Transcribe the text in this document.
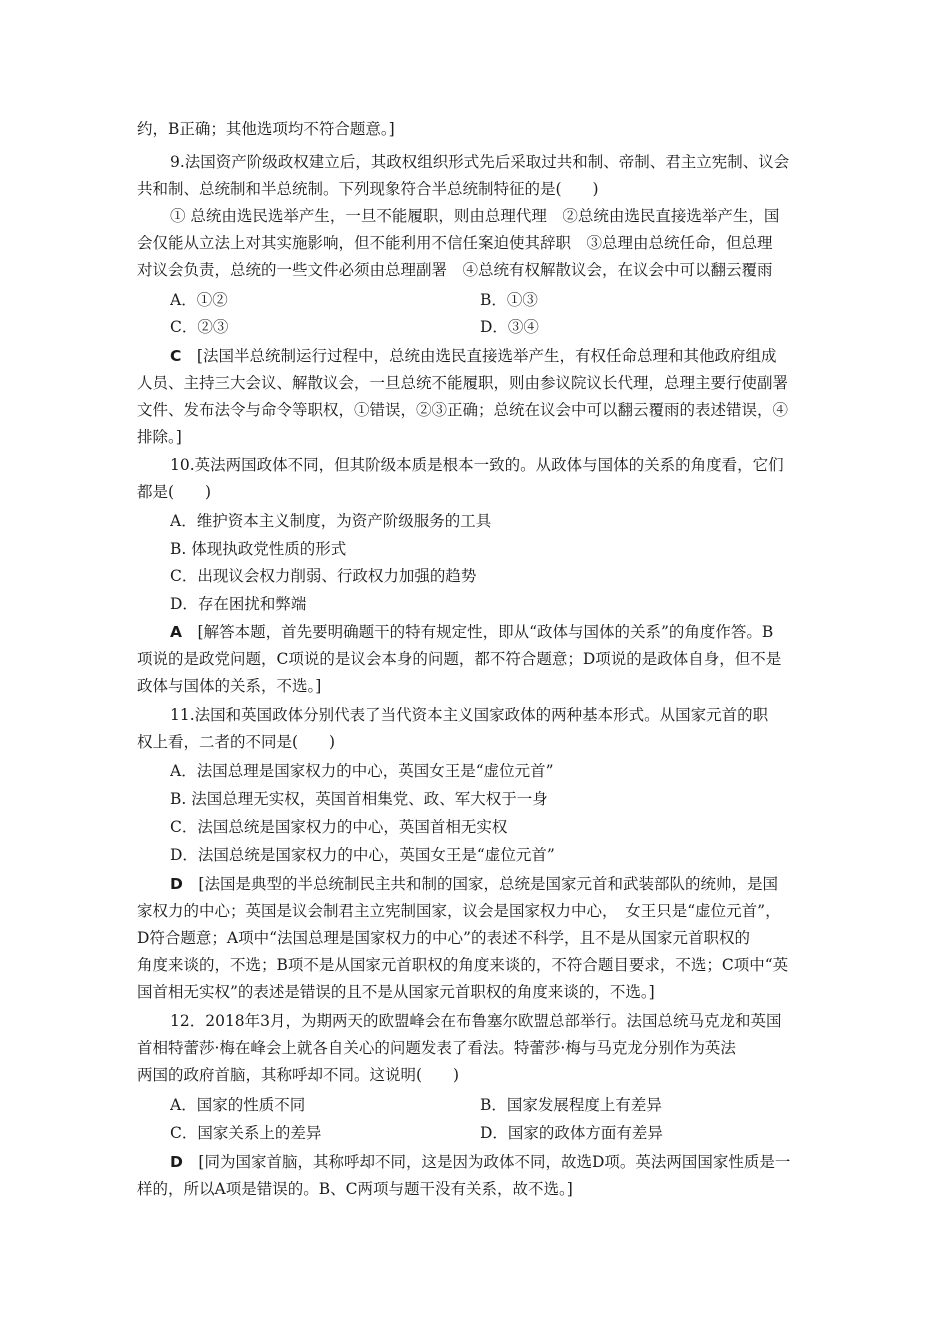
约，B正确；其他选项均不符合题意。]
9.法国资产阶级政权建立后，其政权组织形式先后采取过共和制、帝制、君主立宪制、议会
共和制、总统制和半总统制。下列现象符合半总统制特征的是(　　)
① 总统由选民选举产生，一旦不能履职，则由总理代理　②总统由选民直接选举产生，国
会仅能从立法上对其实施影响，但不能利用不信任案迫使其辞职　③总理由总统任命，但总理
对议会负责，总统的一些文件必须由总理副署　④总统有权解散议会，在议会中可以翻云覆雨
A．①②	B．①③
C．②③	D．③④
C　 [法国半总统制运行过程中，总统由选民直接选举产生，有权任命总理和其他政府组成
人员、主持三大会议、解散议会，一旦总统不能履职，则由参议院议长代理，总理主要行使副署
文件、发布法令与命令等职权，①错误，②③正确；总统在议会中可以翻云覆雨的表述错误，④
排除。]
10.英法两国政体不同，但其阶级本质是根本一致的。从政体与国体的关系的角度看，它们
都是(　　)
A．维护资本主义制度，为资产阶级服务的工具
B. 体现执政党性质的形式
C．出现议会权力削弱、行政权力加强的趋势
D．存在困扰和弊端
A　 [解答本题，首先要明确题干的特有规定性，即从“政体与国体的关系”的角度作答。B
项说的是政党问题，C项说的是议会本身的问题，都不符合题意；D项说的是政体自身，但不是
政体与国体的关系，不选。]
11.法国和英国政体分别代表了当代资本主义国家政体的两种基本形式。从国家元首的职
权上看，二者的不同是(　　)
A．法国总理是国家权力的中心，英国女王是“虚位元首”
B. 法国总理无实权，英国首相集党、政、军大权于一身
C．法国总统是国家权力的中心，英国首相无实权
D．法国总统是国家权力的中心，英国女王是“虚位元首”
D　 [法国是典型的半总统制民主共和制的国家，总统是国家元首和武装部队的统帅，是国
家权力的中心；英国是议会制君主立宪制国家，议会是国家权力中心，　女王只是“虚位元首”，
D符合题意；A项中“法国总理是国家权力的中心”的表述不科学，且不是从国家元首职权的
角度来谈的，不选；B项不是从国家元首职权的角度来谈的，不符合题目要求，不选；C项中“英
国首相无实权”的表述是错误的且不是从国家元首职权的角度来谈的，不选。]
12．2018年3月，为期两天的欧盟峰会在布鲁塞尔欧盟总部举行。法国总统马克龙和英国
首相特蕾莎·梅在峰会上就各自关心的问题发表了看法。特蕾莎·梅与马克龙分别作为英法
两国的政府首脑，其称呼却不同。这说明(　　)
A．国家的性质不同	B．国家发展程度上有差异
C．国家关系上的差异	D．国家的政体方面有差异
D　 [同为国家首脑，其称呼却不同，这是因为政体不同，故选D项。英法两国国家性质是一
样的，所以A项是错误的。B、C两项与题干没有关系，故不选。]
